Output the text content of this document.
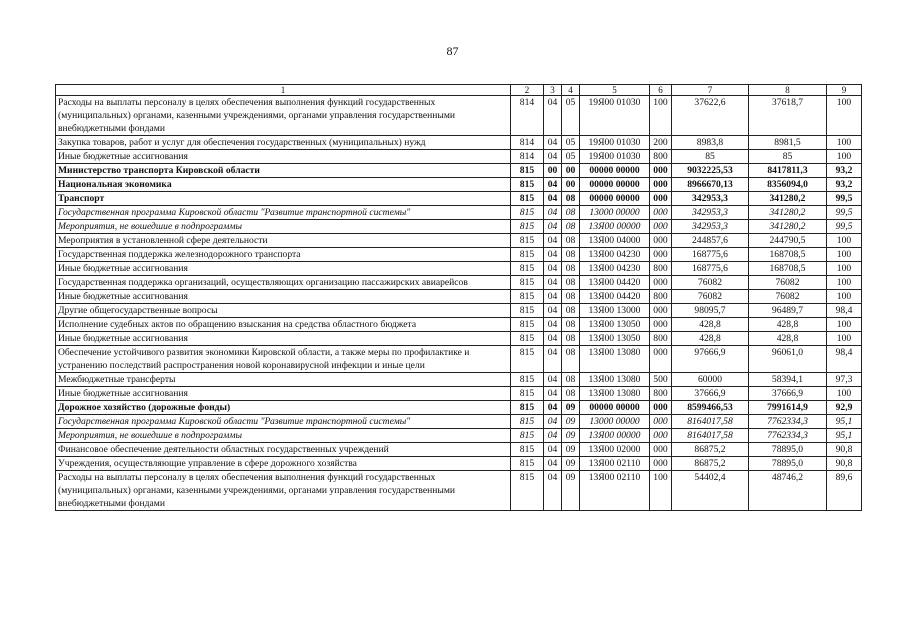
87
1	2	3	4	5	6	7	8	9
Расходы на выплаты персоналу в целях обеспечения выполнения функций государственных (муниципальных) органами, казенными учреждениями, органами управления государственными внебюджетными фондами	814	04	05	19Я00 01030	100	37622,6	37618,7	100
Закупка товаров, работ и услуг для обеспечения государственных (муниципальных) нужд	814	04	05	19Я00 01030	200	8983,8	8981,5	100
Иные бюджетные ассигнования	814	04	05	19Я00 01030	800	85	85	100
Министерство транспорта Кировской области	815	00	00	00000 00000	000	9032225,53	8417811,3	93,2
Национальная экономика	815	04	00	00000 00000	000	8966670,13	8356094,0	93,2
Транспорт	815	04	08	00000 00000	000	342953,3	341280,2	99,5
Государственная программа Кировской области "Развитие транспортной системы"	815	04	08	13000 00000	000	342953,3	341280,2	99,5
Мероприятия, не вошедшие в подпрограммы	815	04	08	13Я00 00000	000	342953,3	341280,2	99,5
Мероприятия в установленной сфере деятельности	815	04	08	13Я00 04000	000	244857,6	244790,5	100
Государственная поддержка железнодорожного транспорта	815	04	08	13Я00 04230	000	168775,6	168708,5	100
Иные бюджетные ассигнования	815	04	08	13Я00 04230	800	168775,6	168708,5	100
Государственная поддержка организаций, осуществляющих организацию пассажирских авиарейсов	815	04	08	13Я00 04420	000	76082	76082	100
Иные бюджетные ассигнования	815	04	08	13Я00 04420	800	76082	76082	100
Другие общегосударственные вопросы	815	04	08	13Я00 13000	000	98095,7	96489,7	98,4
Исполнение судебных актов по обращению взыскания на средства областного бюджета	815	04	08	13Я00 13050	000	428,8	428,8	100
Иные бюджетные ассигнования	815	04	08	13Я00 13050	800	428,8	428,8	100
Обеспечение устойчивого развития экономики Кировской области, а также меры по профилактике и устранению последствий распространения новой коронавирусной инфекции и иные цели	815	04	08	13Я00 13080	000	97666,9	96061,0	98,4
Межбюджетные трансферты	815	04	08	13Я00 13080	500	60000	58394,1	97,3
Иные бюджетные ассигнования	815	04	08	13Я00 13080	800	37666,9	37666,9	100
Дорожное хозяйство (дорожные фонды)	815	04	09	00000 00000	000	8599466,53	7991614,9	92,9
Государственная программа Кировской области "Развитие транспортной системы"	815	04	09	13000 00000	000	8164017,58	7762334,3	95,1
Мероприятия, не вошедшие в подпрограммы	815	04	09	13Я00 00000	000	8164017,58	7762334,3	95,1
Финансовое обеспечение деятельности областных государственных учреждений	815	04	09	13Я00 02000	000	86875,2	78895,0	90,8
Учреждения, осуществляющие управление в сфере дорожного хозяйства	815	04	09	13Я00 02110	000	86875,2	78895,0	90,8
Расходы на выплаты персоналу в целях обеспечения выполнения функций государственных (муниципальных) органами, казенными учреждениями, органами управления государственными внебюджетными фондами	815	04	09	13Я00 02110	100	54402,4	48746,2	89,6
